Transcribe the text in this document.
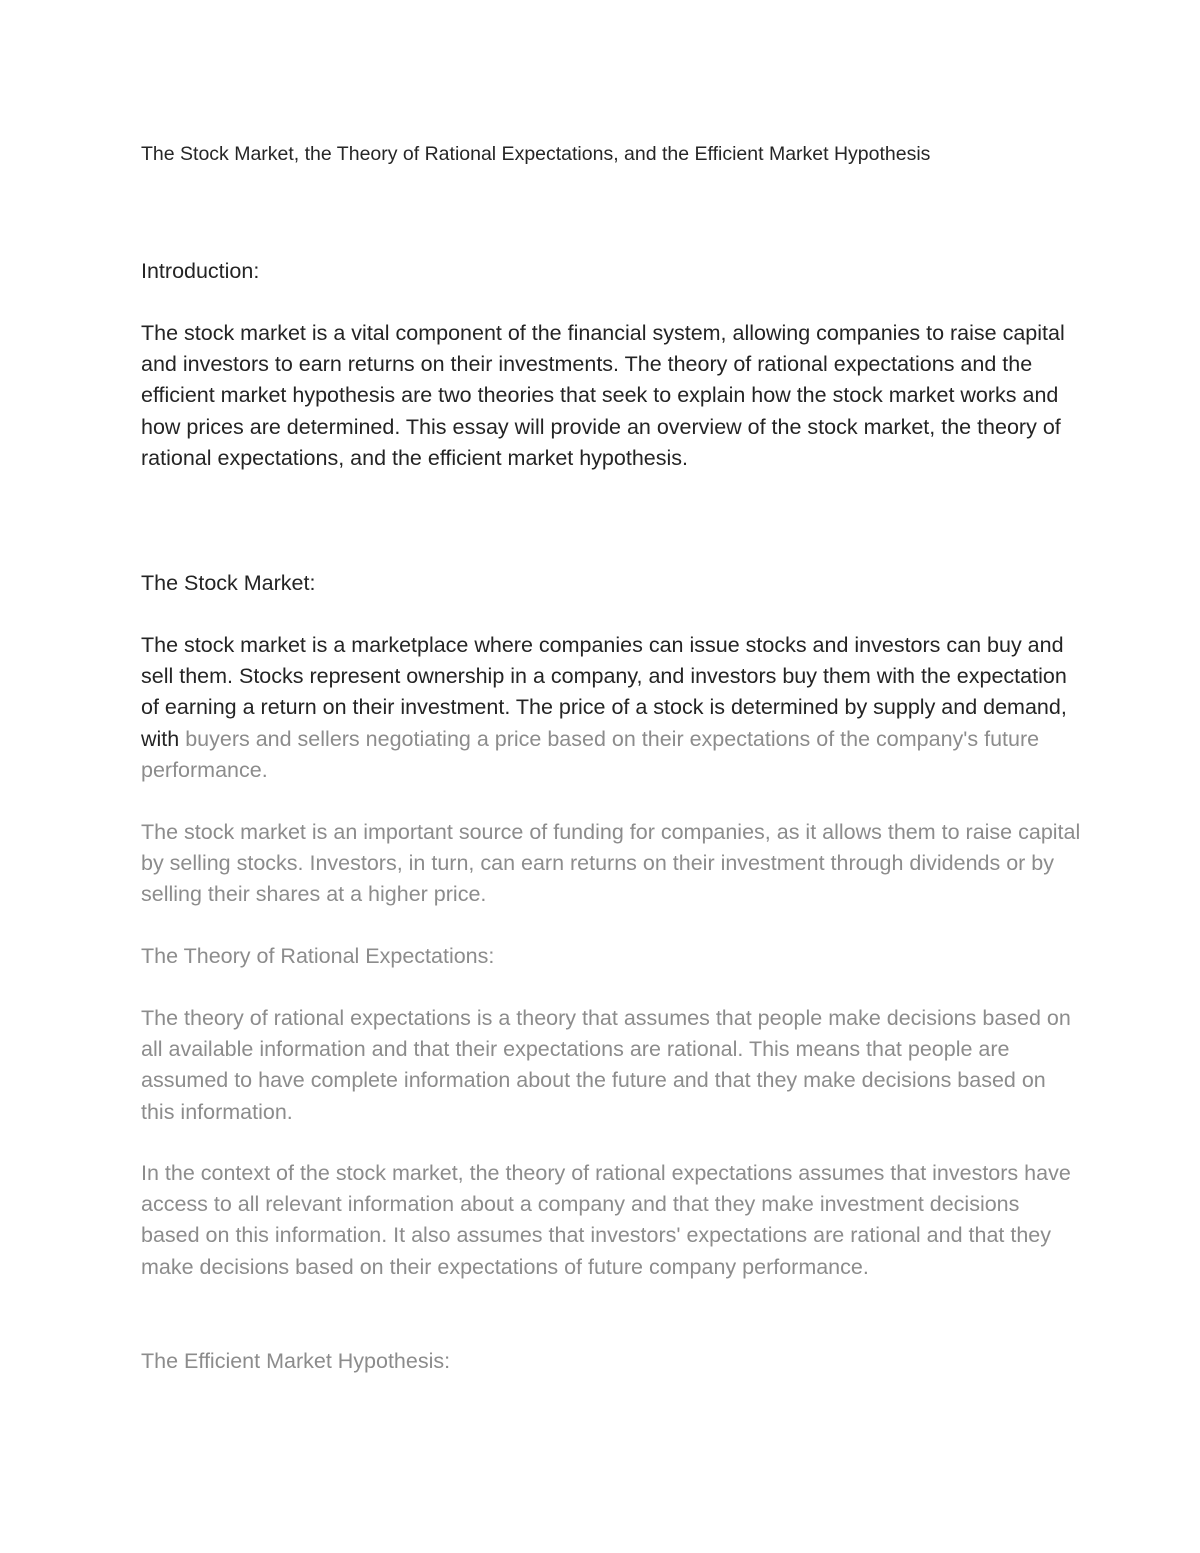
The Stock Market, the Theory of Rational Expectations, and the Efficient Market Hypothesis

Introduction:

The stock market is a vital component of the financial system, allowing companies to raise capital and investors to earn returns on their investments. The theory of rational expectations and the efficient market hypothesis are two theories that seek to explain how the stock market works and how prices are determined. This essay will provide an overview of the stock market, the theory of rational expectations, and the efficient market hypothesis.

The Stock Market:

The stock market is a marketplace where companies can issue stocks and investors can buy and sell them. Stocks represent ownership in a company, and investors buy them with the expectation of earning a return on their investment. The price of a stock is determined by supply and demand, with buyers and sellers negotiating a price based on their expectations of the company's future performance.

The stock market is an important source of funding for companies, as it allows them to raise capital by selling stocks. Investors, in turn, can earn returns on their investment through dividends or by selling their shares at a higher price.

The Theory of Rational Expectations:

The theory of rational expectations is a theory that assumes that people make decisions based on all available information and that their expectations are rational. This means that people are assumed to have complete information about the future and that they make decisions based on this information.

In the context of the stock market, the theory of rational expectations assumes that investors have access to all relevant information about a company and that they make investment decisions based on this information. It also assumes that investors' expectations are rational and that they make decisions based on their expectations of future company performance.

The Efficient Market Hypothesis:
